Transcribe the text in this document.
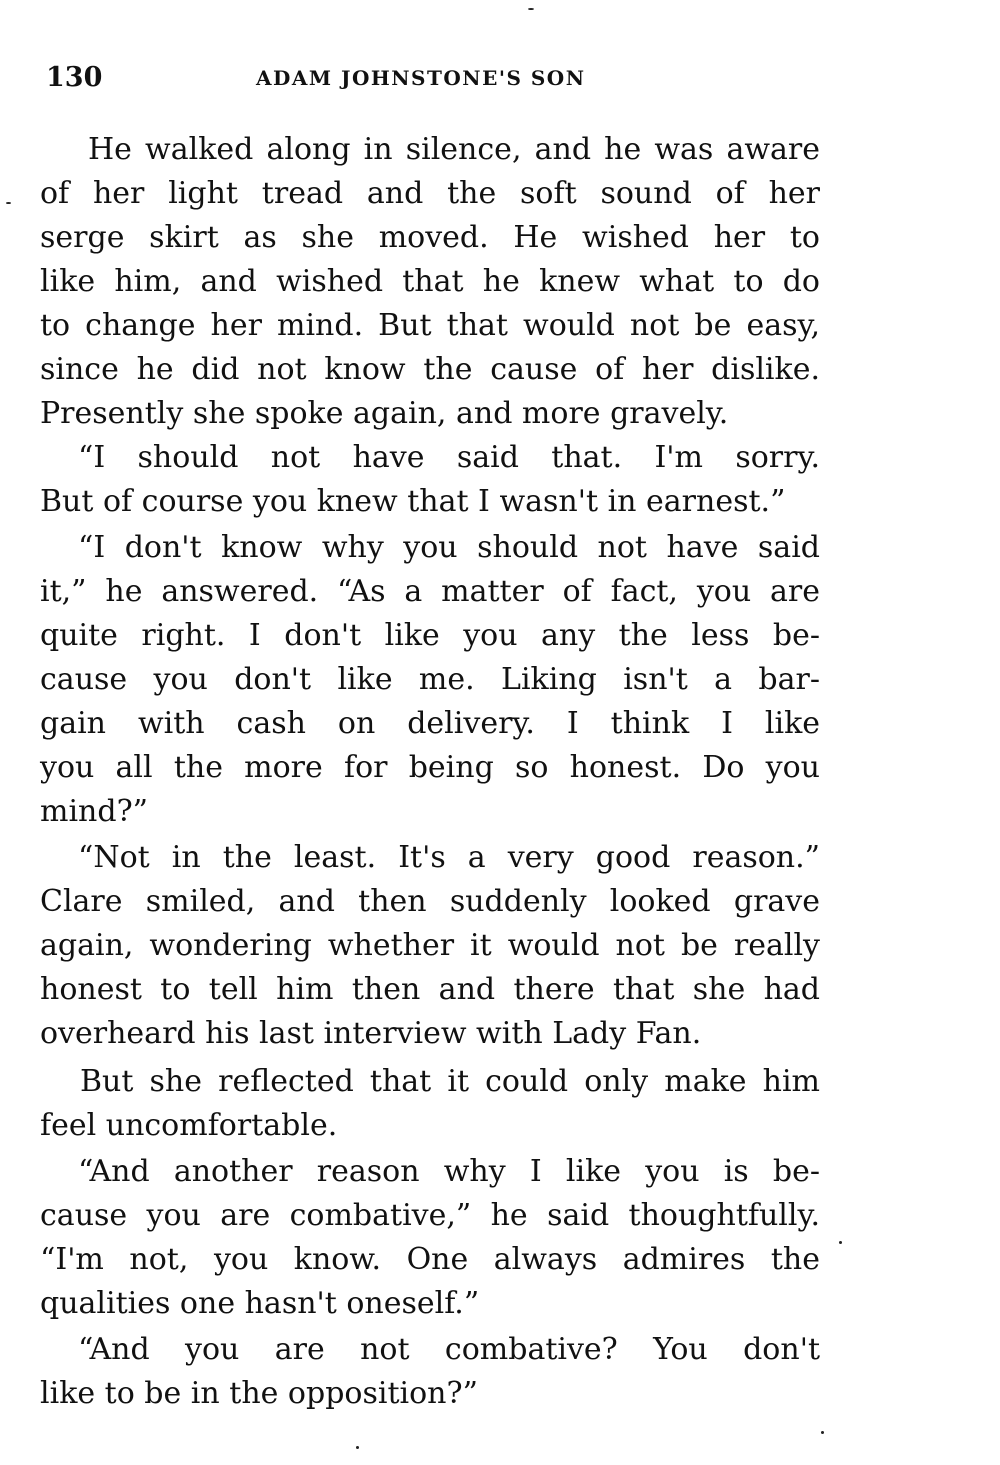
130	ADAM JOHNSTONE'S SON
He walked along in silence, and he was aware
of her light tread and the soft sound of her
serge skirt as she moved. He wished her to
like him, and wished that he knew what to do
to change her mind. But that would not be easy,
since he did not know the cause of her dislike.
Presently she spoke again, and more gravely.
“I should not have said that. I'm sorry.
But of course you knew that I wasn't in earnest.”
“I don't know why you should not have said
it,” he answered. “As a matter of fact, you are
quite right. I don't like you any the less be-
cause you don't like me. Liking isn't a bar-
gain with cash on delivery. I think I like
you all the more for being so honest. Do you
mind?”
“Not in the least. It's a very good reason.”
Clare smiled, and then suddenly looked grave
again, wondering whether it would not be really
honest to tell him then and there that she had
overheard his last interview with Lady Fan.
But she reflected that it could only make him
feel uncomfortable.
“And another reason why I like you is be-
cause you are combative,” he said thoughtfully.
“I'm not, you know. One always admires the
qualities one hasn't oneself.”
“And you are not combative? You don't
like to be in the opposition?”
